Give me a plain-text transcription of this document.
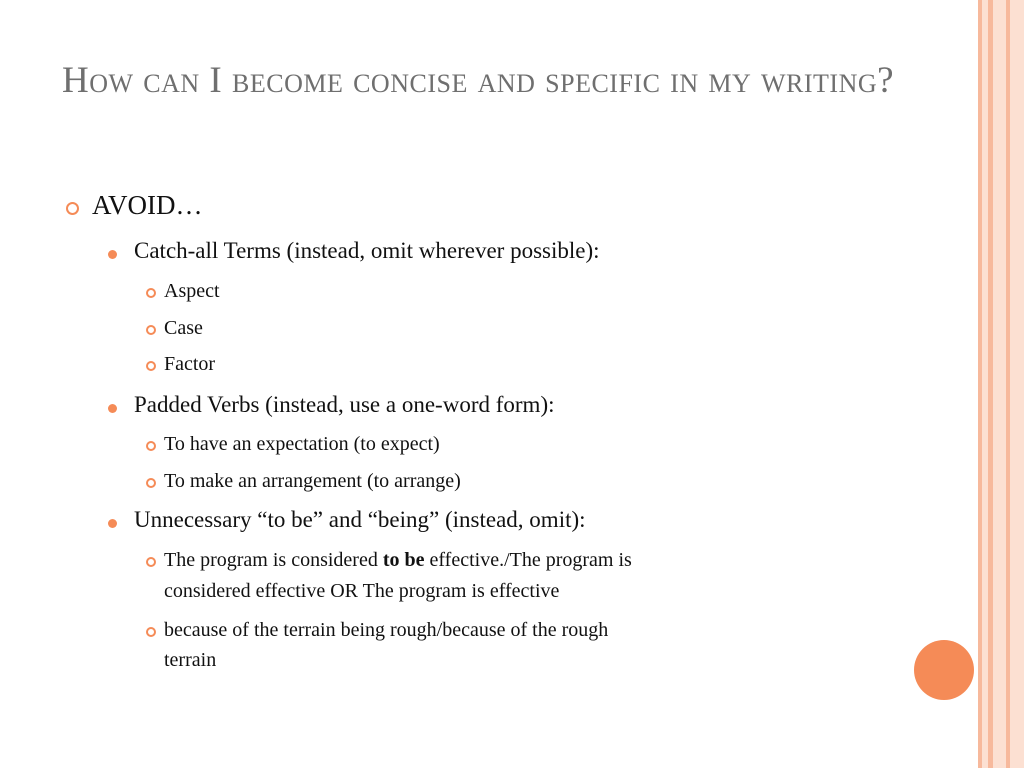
How can I become concise and specific in my writing?
AVOID…
Catch-all Terms (instead, omit wherever possible):
Aspect
Case
Factor
Padded Verbs (instead, use a one-word form):
To have an expectation (to expect)
To make an arrangement (to arrange)
Unnecessary “to be” and “being” (instead, omit):
The program is considered to be effective./The program is
considered effective OR The program is effective
because of the terrain being rough/because of the rough
terrain
